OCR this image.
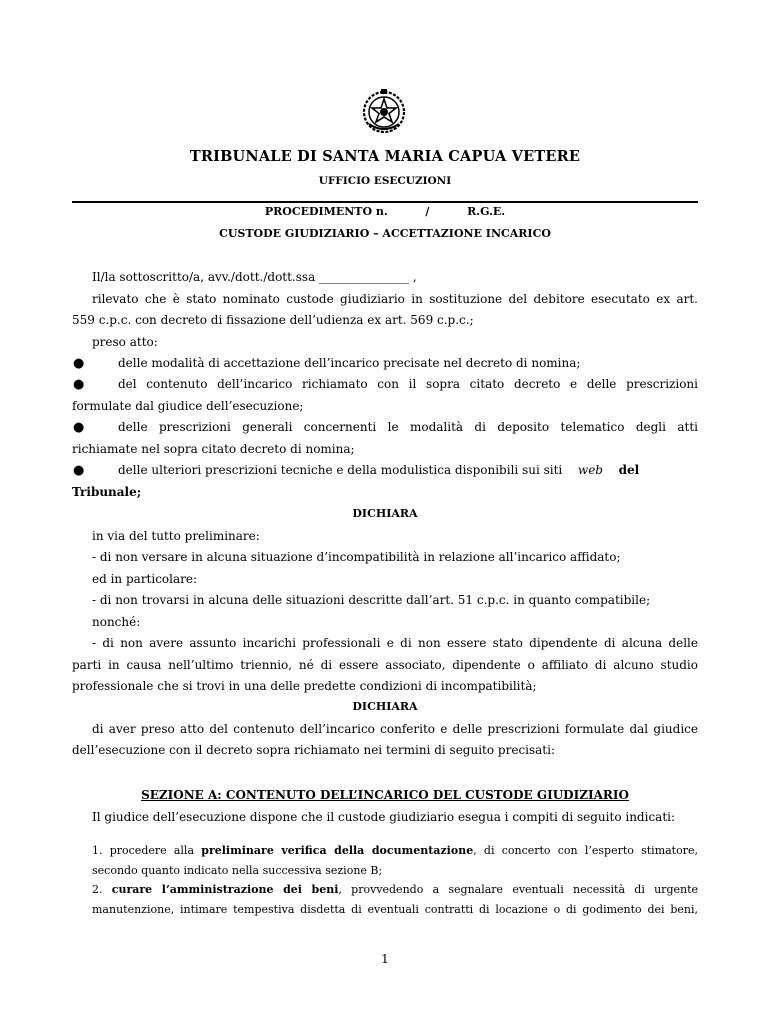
TRIBUNALE DI SANTA MARIA CAPUA VETERE
UFFICIO ESECUZIONI
PROCEDIMENTO n.	/	R.G.E.
CUSTODE GIUDIZIARIO – ACCETTAZIONE INCARICO
Il/la sottoscritto/a, avv./dott./dott.ssa _______________ ,
rilevato che è stato nominato custode giudiziario in sostituzione del debitore esecutato ex art.
559 c.p.c. con decreto di fissazione dell’udienza ex art. 569 c.p.c.;
preso atto:
●	delle modalità di accettazione dell’incarico precisate nel decreto di nomina;
●	del contenuto dell’incarico richiamato con il sopra citato decreto e delle prescrizioni
formulate dal giudice dell’esecuzione;
●	delle prescrizioni generali concernenti le modalità di deposito telematico degli atti
richiamate nel sopra citato decreto di nomina;
●	delle ulteriori prescrizioni tecniche e della modulistica disponibili sui siti web del
Tribunale;
DICHIARA
in via del tutto preliminare:
- di non versare in alcuna situazione d’incompatibilità in relazione all’incarico affidato;
ed in particolare:
- di non trovarsi in alcuna delle situazioni descritte dall’art. 51 c.p.c. in quanto compatibile;
nonché:
- di non avere assunto incarichi professionali e di non essere stato dipendente di alcuna delle
parti in causa nell’ultimo triennio, né di essere associato, dipendente o affiliato di alcuno studio
professionale che si trovi in una delle predette condizioni di incompatibilità;
DICHIARA
di aver preso atto del contenuto dell’incarico conferito e delle prescrizioni formulate dal giudice
dell’esecuzione con il decreto sopra richiamato nei termini di seguito precisati:
SEZIONE A: CONTENUTO DELL’INCARICO DEL CUSTODE GIUDIZIARIO
Il giudice dell’esecuzione dispone che il custode giudiziario esegua i compiti di seguito indicati:
1. procedere alla preliminare verifica della documentazione, di concerto con l’esperto stimatore,
secondo quanto indicato nella successiva sezione B;
2. curare l’amministrazione dei beni, provvedendo a segnalare eventuali necessità di urgente
manutenzione, intimare tempestiva disdetta di eventuali contratti di locazione o di godimento dei beni,
1
